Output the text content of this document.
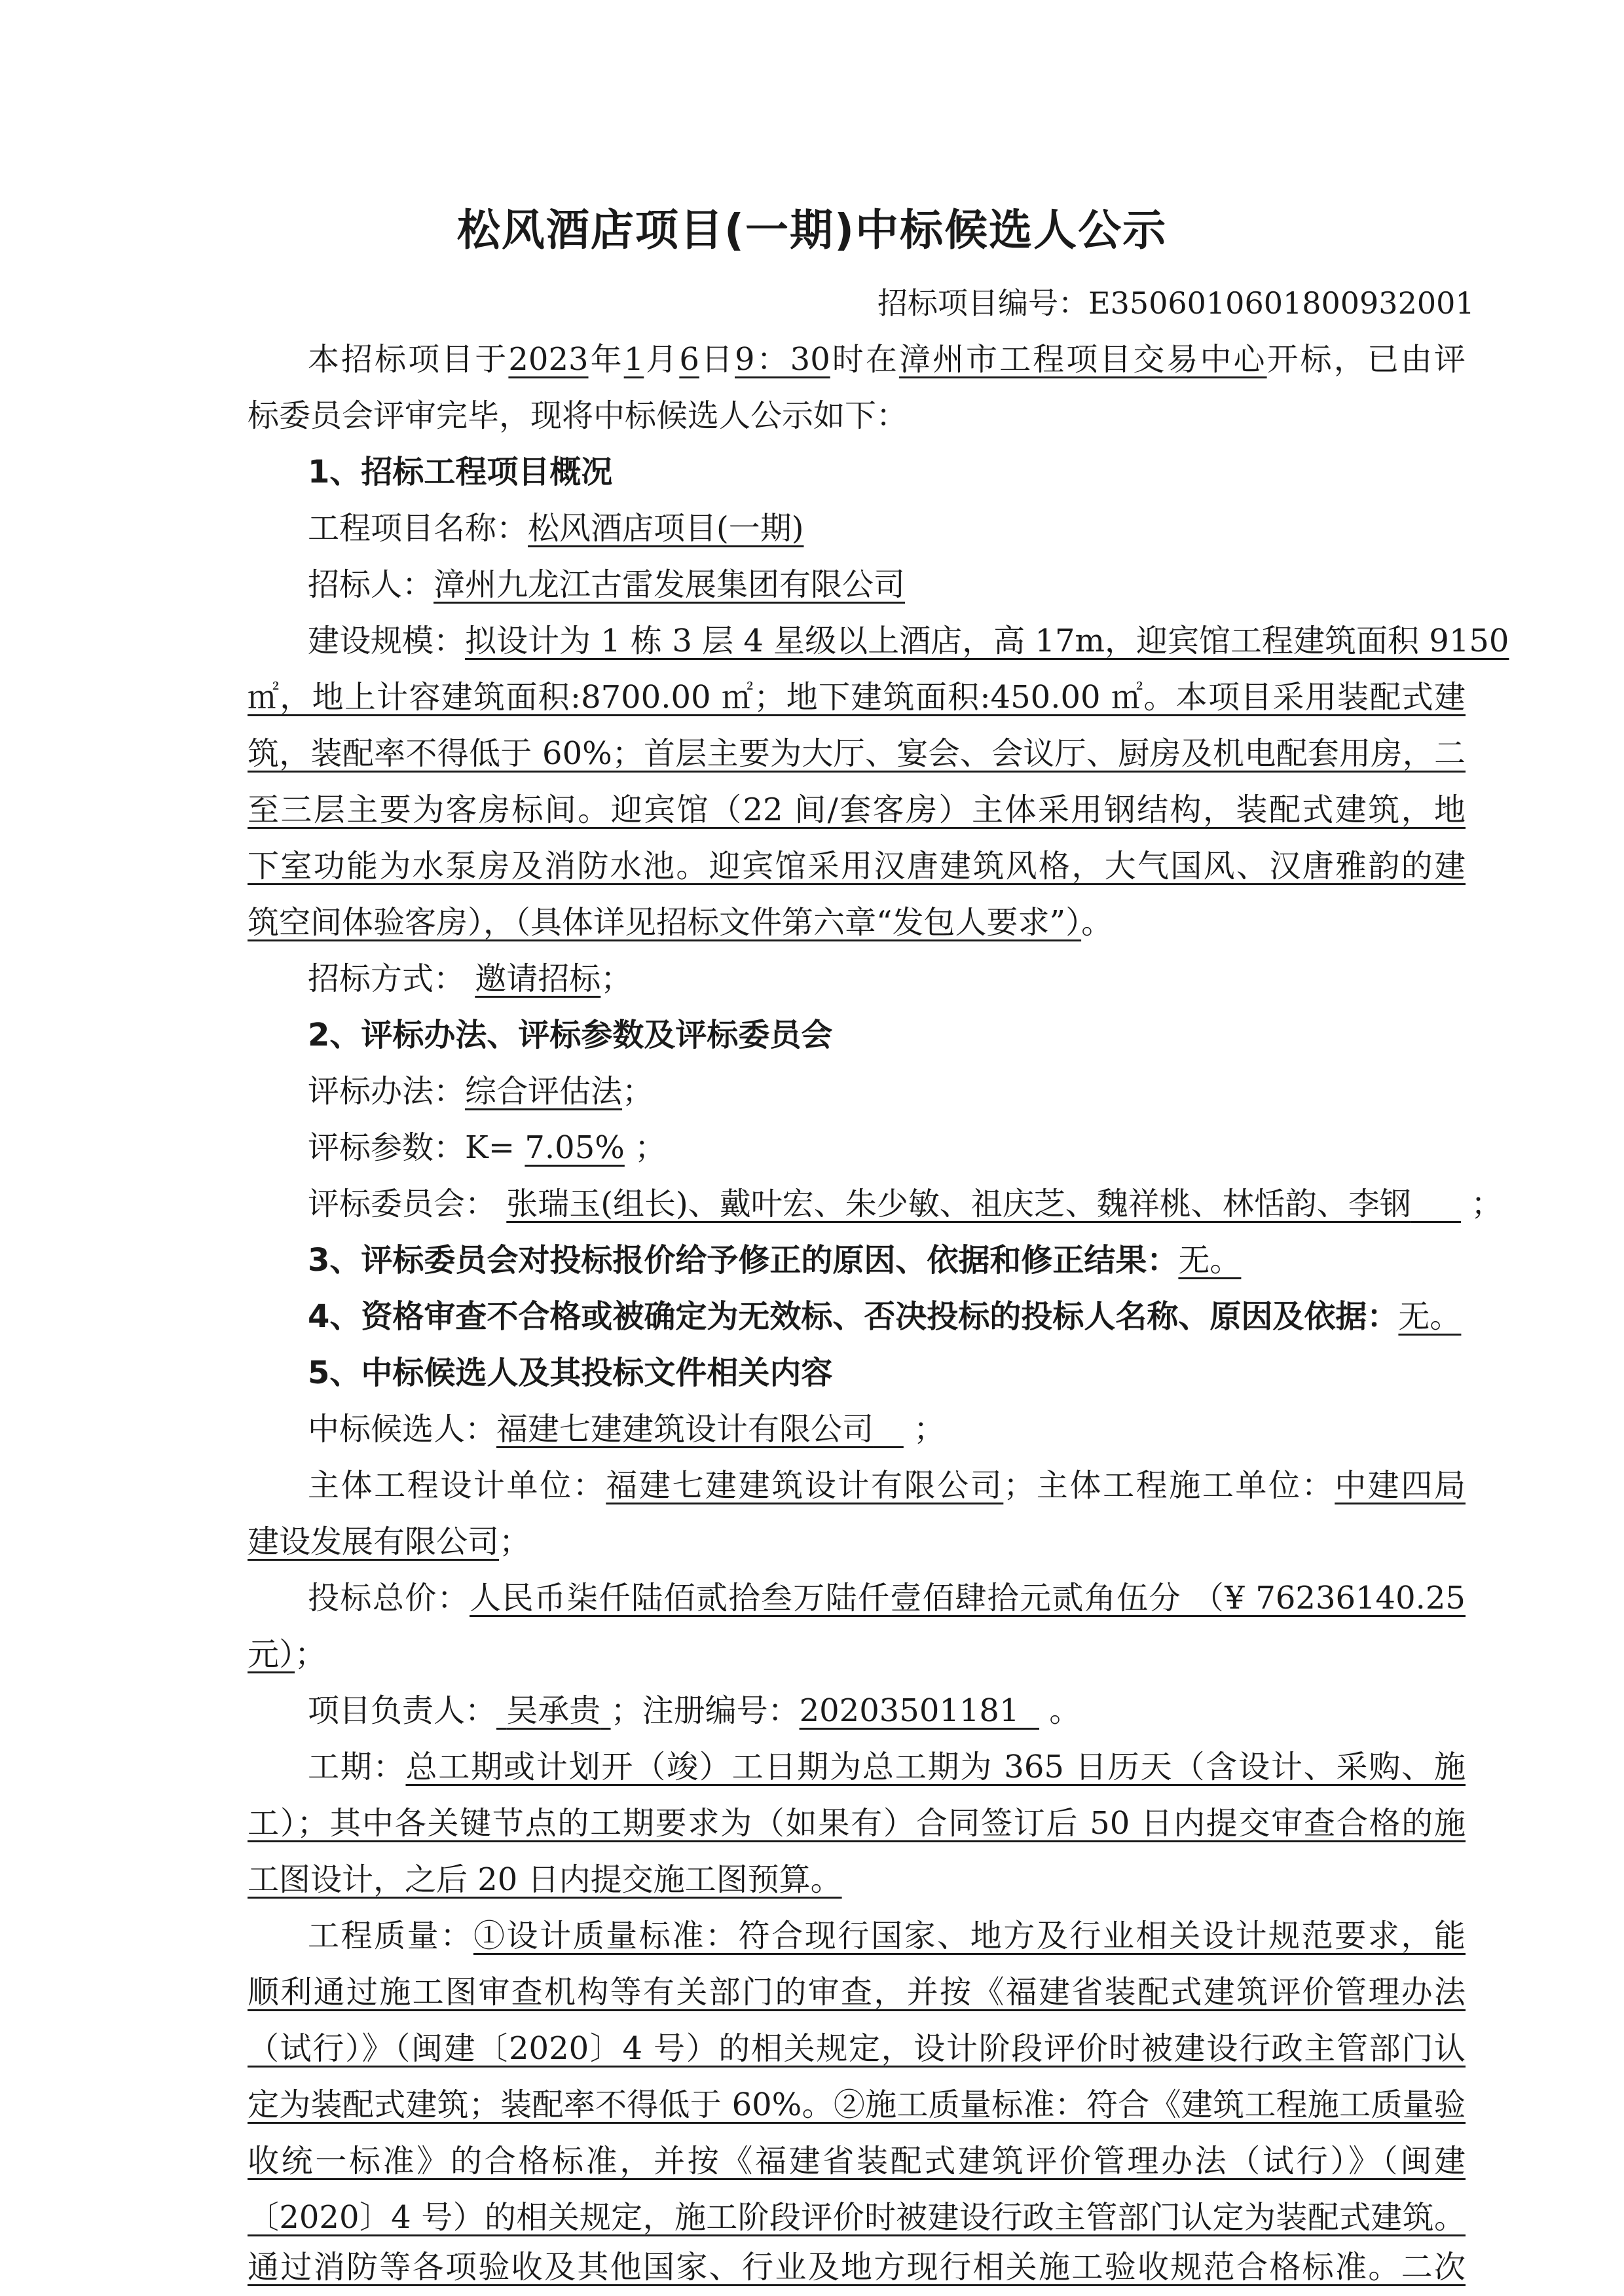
松风酒店项目(一期)中标候选人公示
招标项目编号：E3506010601800932001
本招标项目于2023年1月6日9：30时在漳州市工程项目交易中心开标，已由评
标委员会评审完毕，现将中标候选人公示如下：
1、招标工程项目概况
工程项目名称：松风酒店项目(一期)
招标人：漳州九龙江古雷发展集团有限公司
建设规模：拟设计为 1 栋 3 层 4 星级以上酒店，高 17m，迎宾馆工程建筑面积 9150
㎡，地上计容建筑面积:8700.00 ㎡；地下建筑面积:450.00 ㎡。本项目采用装配式建
筑，装配率不得低于 60%；首层主要为大厅、宴会、会议厅、厨房及机电配套用房，二
至三层主要为客房标间。迎宾馆（22 间/套客房）主体采用钢结构，装配式建筑，地
下室功能为水泵房及消防水池。迎宾馆采用汉唐建筑风格，大气国风、汉唐雅韵的建
筑空间体验客房），（具体详见招标文件第六章“发包人要求”）。
招标方式： 邀请招标；
2、评标办法、评标参数及评标委员会
评标办法：综合评估法；
评标参数：K= 7.05% ；
评标委员会： 张瑞玉(组长)、戴叶宏、朱少敏、祖庆芝、魏祥桃、林恬韵、李钢 ；
3、评标委员会对投标报价给予修正的原因、依据和修正结果：无。
4、资格审查不合格或被确定为无效标、否决投标的投标人名称、原因及依据：无。
5、中标候选人及其投标文件相关内容
中标候选人：福建七建建筑设计有限公司 ；
主体工程设计单位：福建七建建筑设计有限公司；主体工程施工单位：中建四局
建设发展有限公司；
投标总价：人民币柒仟陆佰贰拾叁万陆仟壹佰肆拾元贰角伍分 （¥ 76236140.25
元）；
项目负责人： 吴承贵 ；注册编号：20203501181 。
工期：总工期或计划开（竣）工日期为总工期为 365 日历天（含设计、采购、施
工）；其中各关键节点的工期要求为（如果有）合同签订后 50 日内提交审查合格的施
工图设计，之后 20 日内提交施工图预算。
工程质量：①设计质量标准：符合现行国家、地方及行业相关设计规范要求，能
顺利通过施工图审查机构等有关部门的审查，并按《福建省装配式建筑评价管理办法
（试行）》（闽建〔2020〕4 号）的相关规定，设计阶段评价时被建设行政主管部门认
定为装配式建筑；装配率不得低于 60%。②施工质量标准：符合《建筑工程施工质量验
收统一标准》的合格标准，并按《福建省装配式建筑评价管理办法（试行）》（闽建
〔2020〕4 号）的相关规定，施工阶段评价时被建设行政主管部门认定为装配式建筑。
通过消防等各项验收及其他国家、行业及地方现行相关施工验收规范合格标准。二次
